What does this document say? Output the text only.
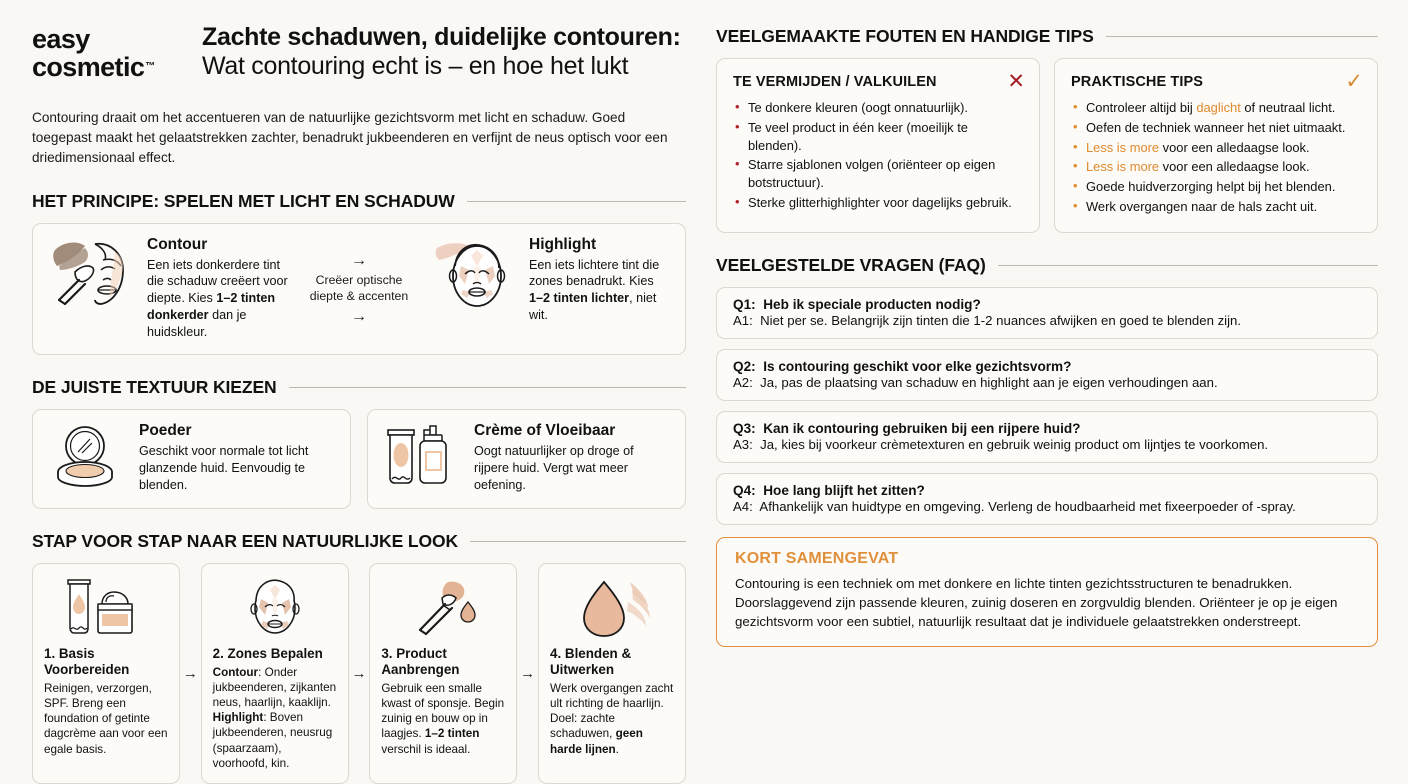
easy
cosmetic™
Zachte schaduwen, duidelijke contouren:
Wat contouring echt is – en hoe het lukt

Contouring draait om het accentueren van de natuurlijke gezichtsvorm met licht en schaduw. Goed toegepast maakt het gelaatstrekken zachter, benadrukt jukbeenderen en verfijnt de neus optisch voor een driedimensionaal effect.

HET PRINCIPE: SPELEN MET LICHT EN SCHADUW
Contour

Een iets donkerdere tint die schaduw creëert voor diepte. Kies 1–2 tinten donkerder dan je huidskleur.

→
Creëer optische diepte & accenten
→
Highlight

Een iets lichtere tint die zones benadrukt. Kies 1–2 tinten lichter, niet wit.

DE JUISTE TEXTUUR KIEZEN
Poeder

Geschikt voor normale tot licht glanzende huid. Eenvoudig te blenden.

Crème of Vloeibaar

Oogt natuurlijker op droge of rijpere huid. Vergt wat meer oefening.

STAP VOOR STAP NAAR EEN NATUURLIJKE LOOK
1. Basis Voorbereiden

Reinigen, verzorgen, SPF. Breng een foundation of getinte dagcrème aan voor een egale basis.

→
2. Zones Bepalen

Contour: Onder jukbeenderen, zijkanten neus, haarlijn, kaaklijn. Highlight: Boven jukbeenderen, neusrug (spaarzaam), voorhoofd, kin.

→
3. Product Aanbrengen

Gebruik een smalle kwast of sponsje. Begin zuinig en bouw op in laagjes. 1–2 tinten verschil is ideaal.

→
4. Blenden & Uitwerken

Werk overgangen zacht ult richting de haarlijn. Doel: zachte schaduwen, geen harde lijnen.

VEELGEMAAKTE FOUTEN EN HANDIGE TIPS
TE VERMIJDEN / VALKUILEN	✕
• Te donkere kleuren (oogt onnatuurlijk).
• Te veel product in één keer (moeilijk te blenden).
• Starre sjablonen volgen (oriënteer op eigen botstructuur).
• Sterke glitterhighlighter voor dagelijks gebruik.
PRAKTISCHE TIPS	✓
• Controleer altijd bij daglicht of neutraal licht.
• Oefen de techniek wanneer het niet uitmaakt.
• Less is more voor een alledaagse look.
• Less is more voor een alledaagse look.
• Goede huidverzorging helpt bij het blenden.
• Werk overgangen naar de hals zacht uit.
VEELGESTELDE VRAGEN (FAQ)

Q1: Heb ik speciale producten nodig?

A1: Niet per se. Belangrijk zijn tinten die 1-2 nuances afwijken en goed te blenden zijn.

Q2: Is contouring geschikt voor elke gezichtsvorm?

A2: Ja, pas de plaatsing van schaduw en highlight aan je eigen verhoudingen aan.

Q3: Kan ik contouring gebruiken bij een rijpere huid?

A3: Ja, kies bij voorkeur crèmetexturen en gebruik weinig product om lijntjes te voorkomen.

Q4: Hoe lang blijft het zitten?

A4: Afhankelijk van huidtype en omgeving. Verleng de houdbaarheid met fixeerpoeder of -spray.

KORT SAMENGEVAT

Contouring is een techniek om met donkere en lichte tinten gezichtsstructuren te benadrukken. Doorslaggevend zijn passende kleuren, zuinig doseren en zorgvuldig blenden. Oriënteer je op je eigen gezichtsvorm voor een subtiel, natuurlijk resultaat dat je individuele gelaatstrekken onderstreept.
